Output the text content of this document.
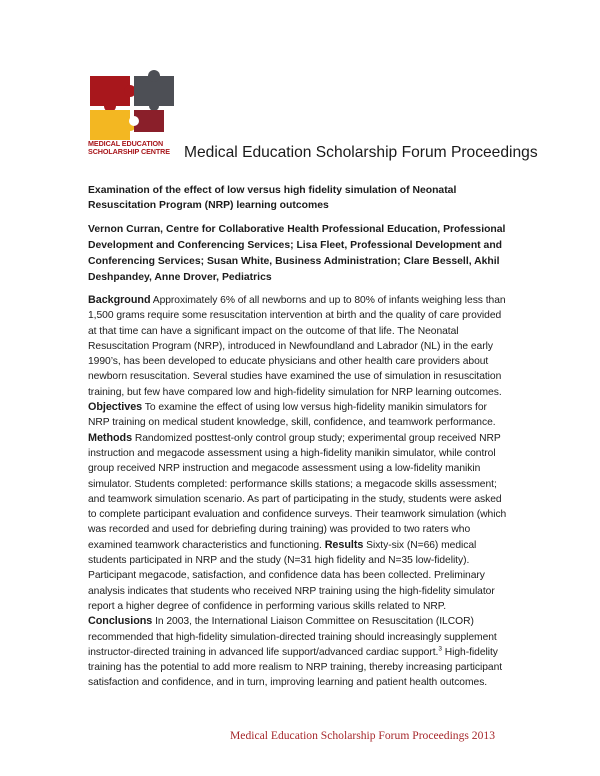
MEDICAL EDUCATION
SCHOLARSHIP CENTRE Medical Education Scholarship Forum Proceedings
Examination of the effect of low versus high fidelity simulation of Neonatal Resuscitation Program (NRP) learning outcomes
Vernon Curran, Centre for Collaborative Health Professional Education, Professional Development and Conferencing Services; Lisa Fleet, Professional Development and Conferencing Services; Susan White, Business Administration; Clare Bessell, Akhil Deshpandey, Anne Drover, Pediatrics
Background Approximately 6% of all newborns and up to 80% of infants weighing less than 1,500 grams require some resuscitation intervention at birth and the quality of care provided at that time can have a significant impact on the outcome of that life. The Neonatal Resuscitation Program (NRP), introduced in Newfoundland and Labrador (NL) in the early 1990’s, has been developed to educate physicians and other health care providers about newborn resuscitation. Several studies have examined the use of simulation in resuscitation training, but few have compared low and high-fidelity simulation for NRP learning outcomes. Objectives To examine the effect of using low versus high-fidelity manikin simulators for NRP training on medical student knowledge, skill, confidence, and teamwork performance. Methods Randomized posttest-only control group study; experimental group received NRP instruction and megacode assessment using a high-fidelity manikin simulator, while control group received NRP instruction and megacode assessment using a low-fidelity manikin simulator. Students completed: performance skills stations; a megacode skills assessment; and teamwork simulation scenario. As part of participating in the study, students were asked to complete participant evaluation and confidence surveys. Their teamwork simulation (which was recorded and used for debriefing during training) was provided to two raters who examined teamwork characteristics and functioning. Results Sixty-six (N=66) medical students participated in NRP and the study (N=31 high fidelity and N=35 low-fidelity). Participant megacode, satisfaction, and confidence data has been collected. Preliminary analysis indicates that students who received NRP training using the high-fidelity simulator report a higher degree of confidence in performing various skills related to NRP. Conclusions In 2003, the International Liaison Committee on Resuscitation (ILCOR) recommended that high-fidelity simulation-directed training should increasingly supplement instructor-directed training in advanced life support/advanced cardiac support.$^3$ High-fidelity training has the potential to add more realism to NRP training, thereby increasing participant satisfaction and confidence, and in turn, improving learning and patient health outcomes.
Medical Education Scholarship Forum Proceedings 2013
